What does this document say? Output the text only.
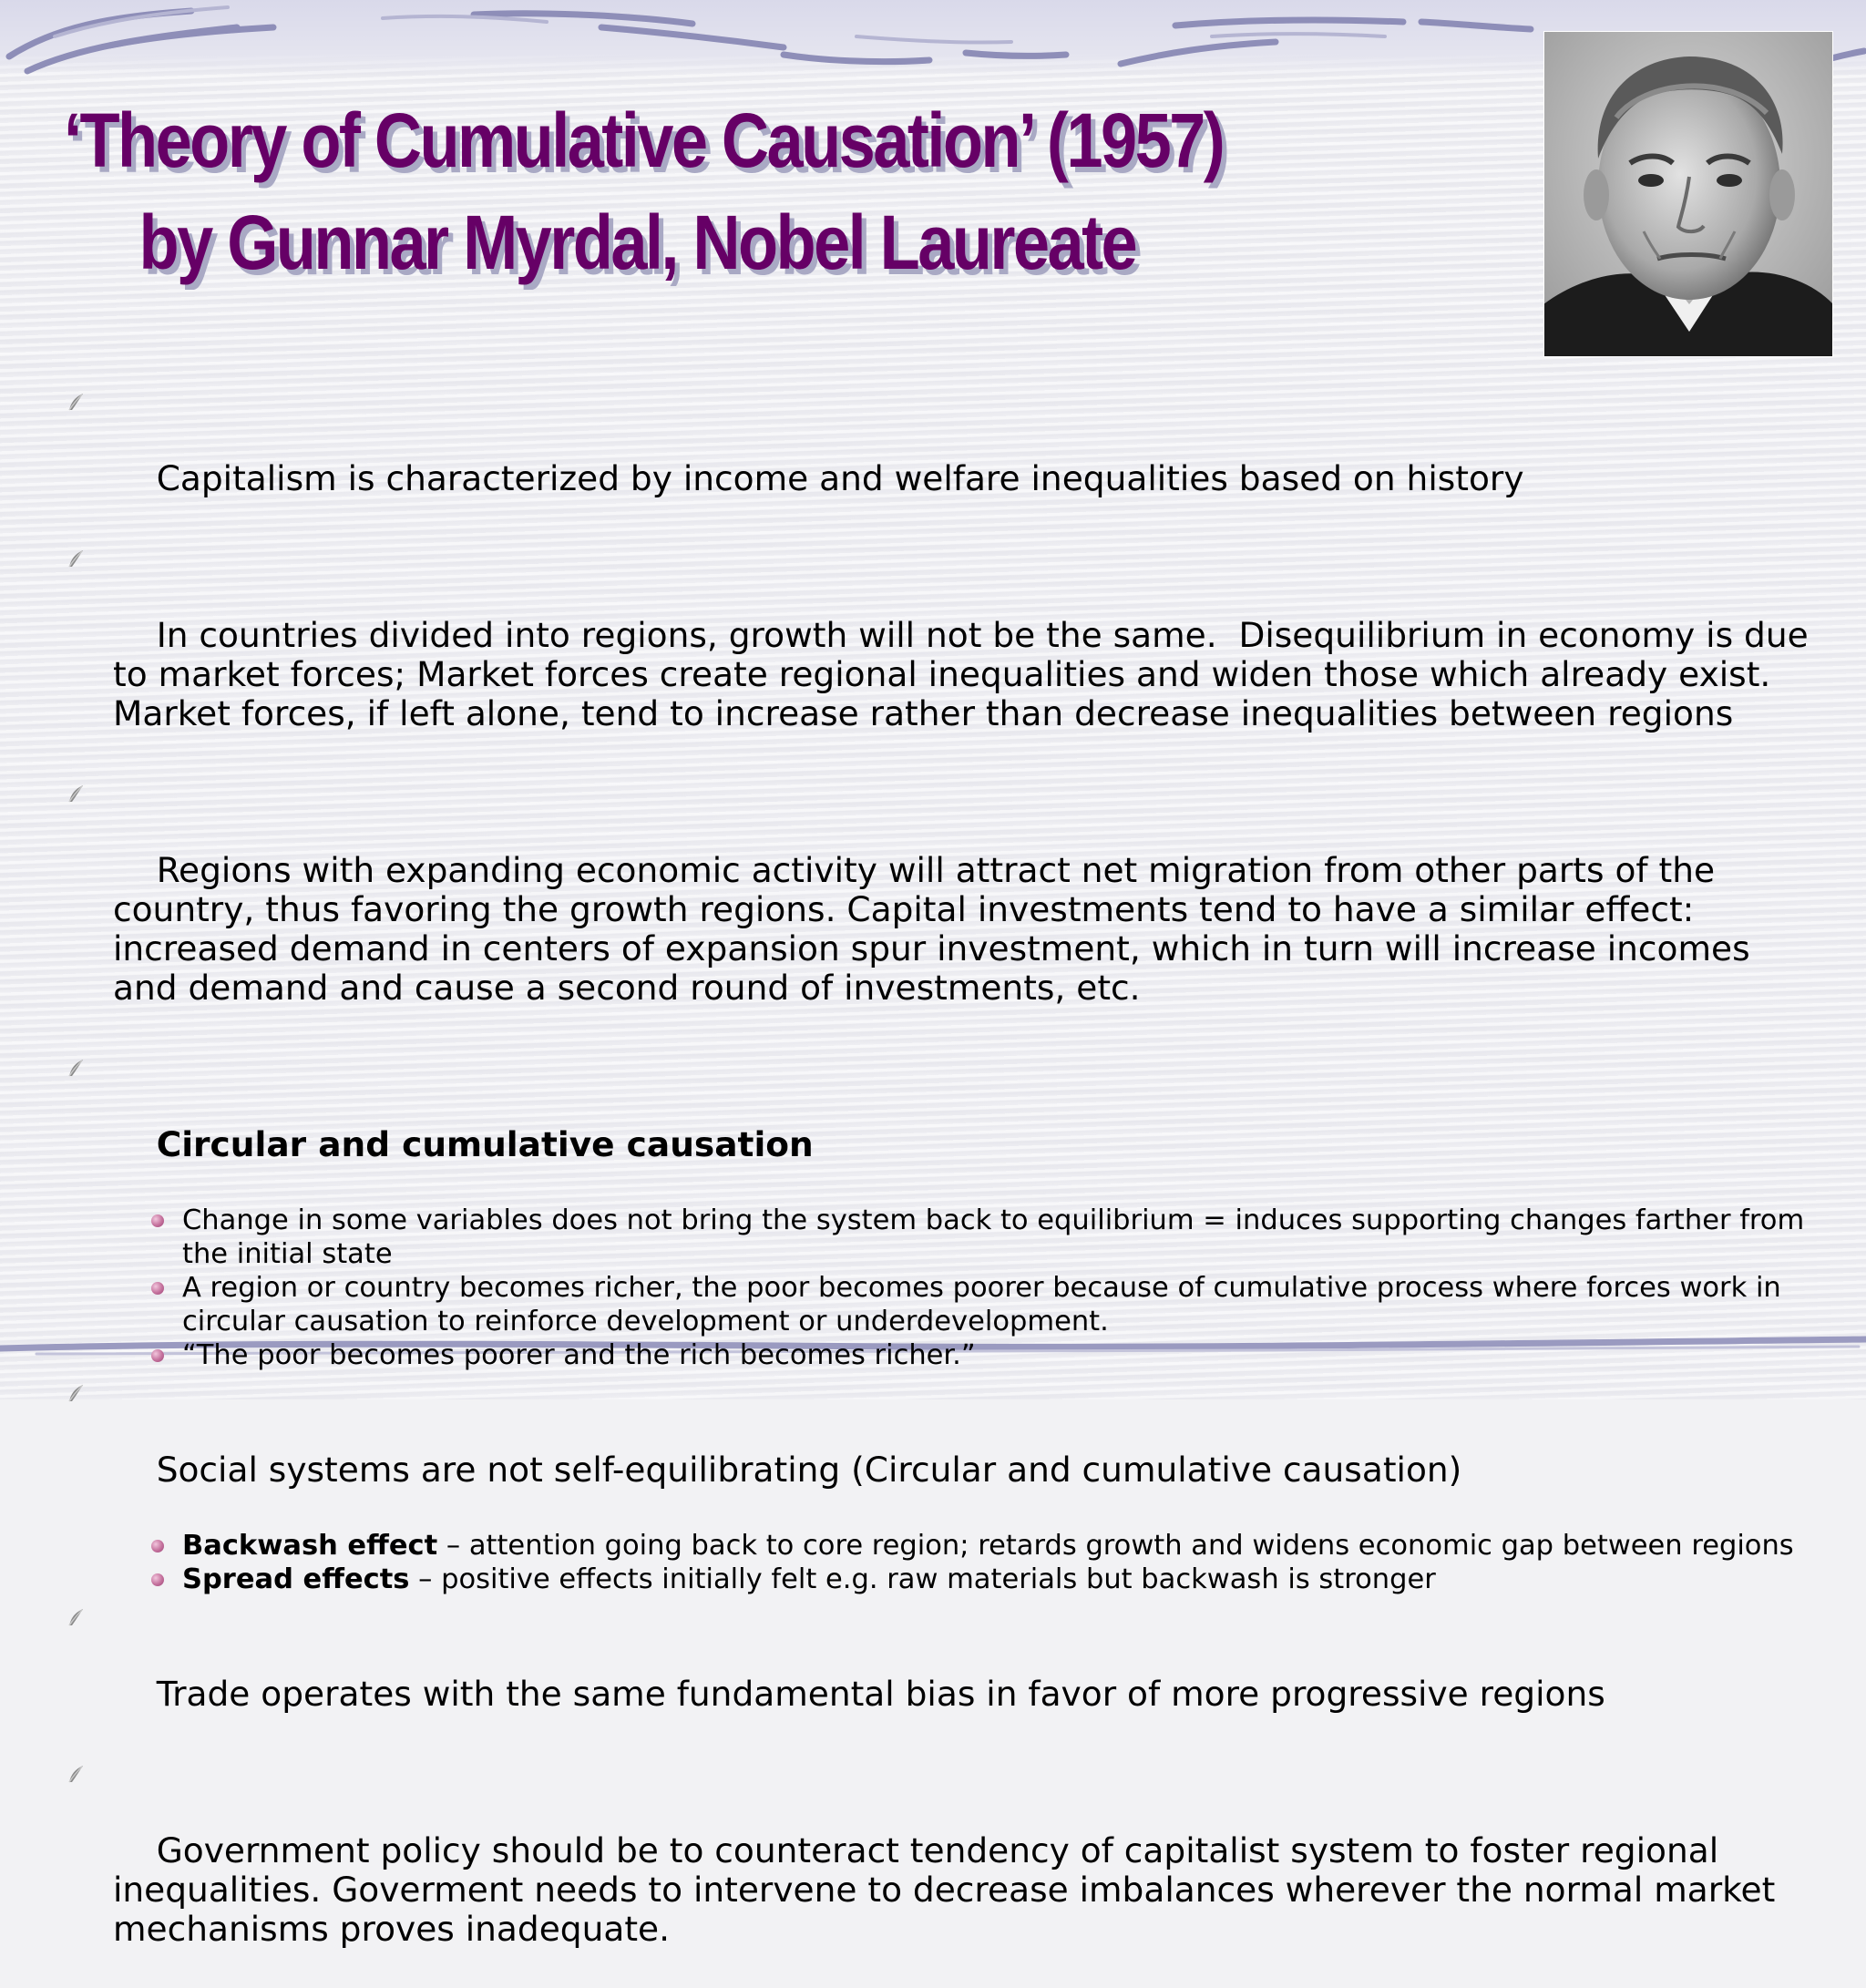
‘Theory of Cumulative Causation’ (1957)
by Gunnar Myrdal, Nobel Laureate

Capitalism is characterized by income and welfare inequalities based on history

In countries divided into regions, growth will not be the same.  Disequilibrium in economy is due to market forces; Market forces create regional inequalities and widen those which already exist. Market forces, if left alone, tend to increase rather than decrease inequalities between regions

Regions with expanding economic activity will attract net migration from other parts of the country, thus favoring the growth regions. Capital investments tend to have a similar effect: increased demand in centers of expansion spur investment, which in turn will increase incomes and demand and cause a second round of investments, etc.

Circular and cumulative causation

Change in some variables does not bring the system back to equilibrium = induces supporting changes farther from the initial state
A region or country becomes richer, the poor becomes poorer because of cumulative process where forces work in circular causation to reinforce development or underdevelopment.
“The poor becomes poorer and the rich becomes richer.”

Social systems are not self-equilibrating (Circular and cumulative causation)

Backwash effect – attention going back to core region; retards growth and widens economic gap between regions
Spread effects – positive effects initially felt e.g. raw materials but backwash is stronger

Trade operates with the same fundamental bias in favor of more progressive regions

Government policy should be to counteract tendency of capitalist system to foster regional inequalities. Goverment needs to intervene to decrease imbalances wherever the normal market mechanisms proves inadequate.
